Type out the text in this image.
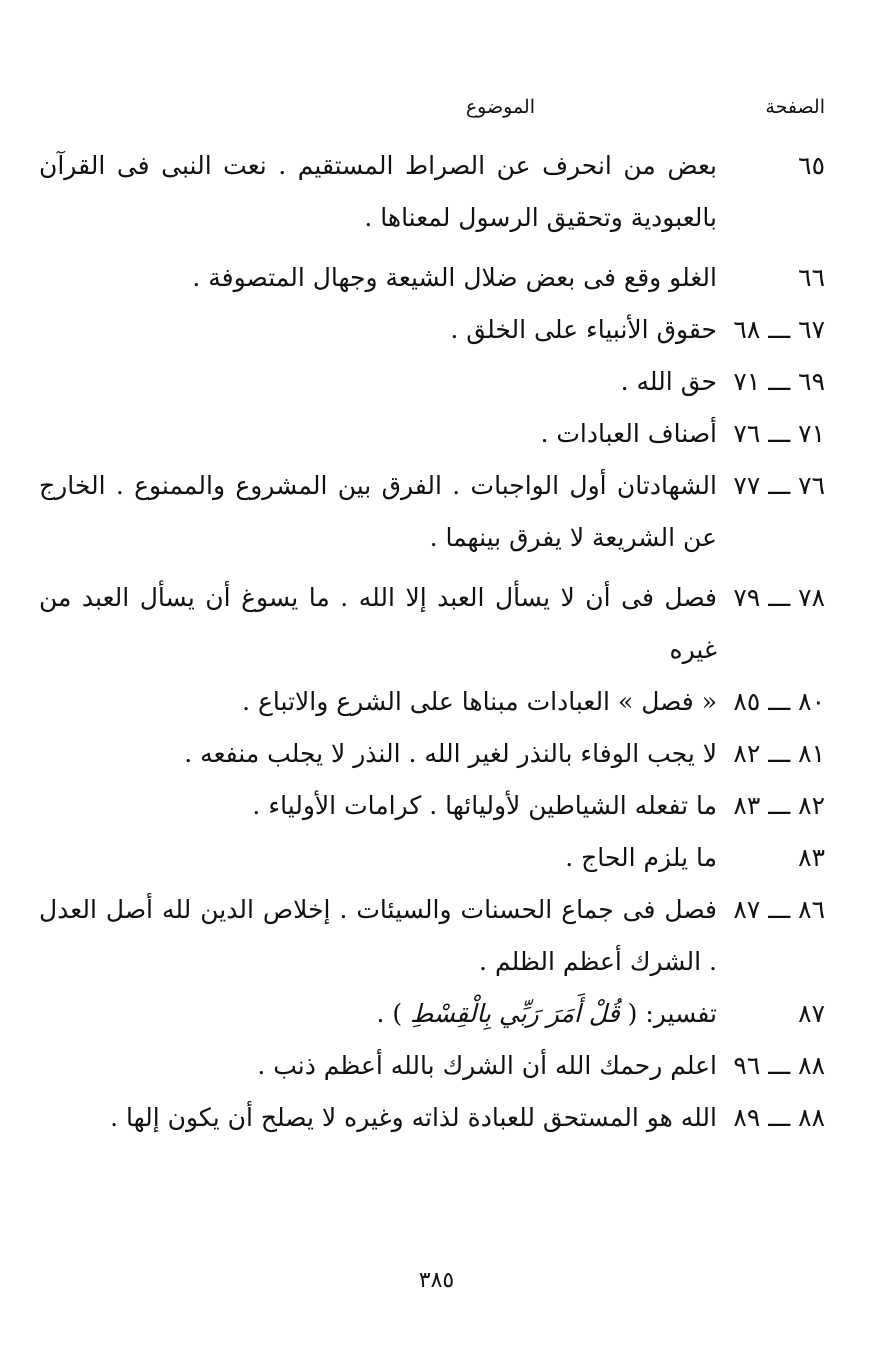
الصفحة
الموضوع
٦٥
بعض من انحرف عن الصراط المستقيم . نعت النبى فى القرآن بالعبودية وتحقيق الرسول لمعناها .
٦٦
الغلو وقع فى بعض ضلال الشيعة وجهال المتصوفة .
٦٧ ـــ ٦٨
حقوق الأنبياء على الخلق .
٦٩ ـــ ٧١
حق الله .
٧١ ـــ ٧٦
أصناف العبادات .
٧٦ ـــ ٧٧
الشهادتان أول الواجبات . الفرق بين المشروع والممنوع . الخارج عن الشريعة لا يفرق بينهما .
٧٨ ـــ ٧٩
فصل فى أن لا يسأل العبد إلا الله . ما يسوغ أن يسأل العبد من غيره
٨٠ ـــ ٨٥
« فصل » العبادات مبناها على الشرع والاتباع .
٨١ ـــ ٨٢
لا يجب الوفاء بالنذر لغير الله . النذر لا يجلب منفعه .
٨٢ ـــ ٨٣
ما تفعله الشياطين لأوليائها . كرامات الأولياء .
٨٣
ما يلزم الحاج .
٨٦ ـــ ٨٧
فصل فى جماع الحسنات والسيئات . إخلاص الدين لله أصل العدل . الشرك أعظم الظلم .
٨٧
تفسير: ( قُلْ أَمَرَ رَبِّي بِالْقِسْطِ ) .
٨٨ ـــ ٩٦
اعلم رحمك الله أن الشرك بالله أعظم ذنب .
٨٨ ـــ ٨٩
الله هو المستحق للعبادة لذاته وغيره لا يصلح أن يكون إلها .
٣٨٥
